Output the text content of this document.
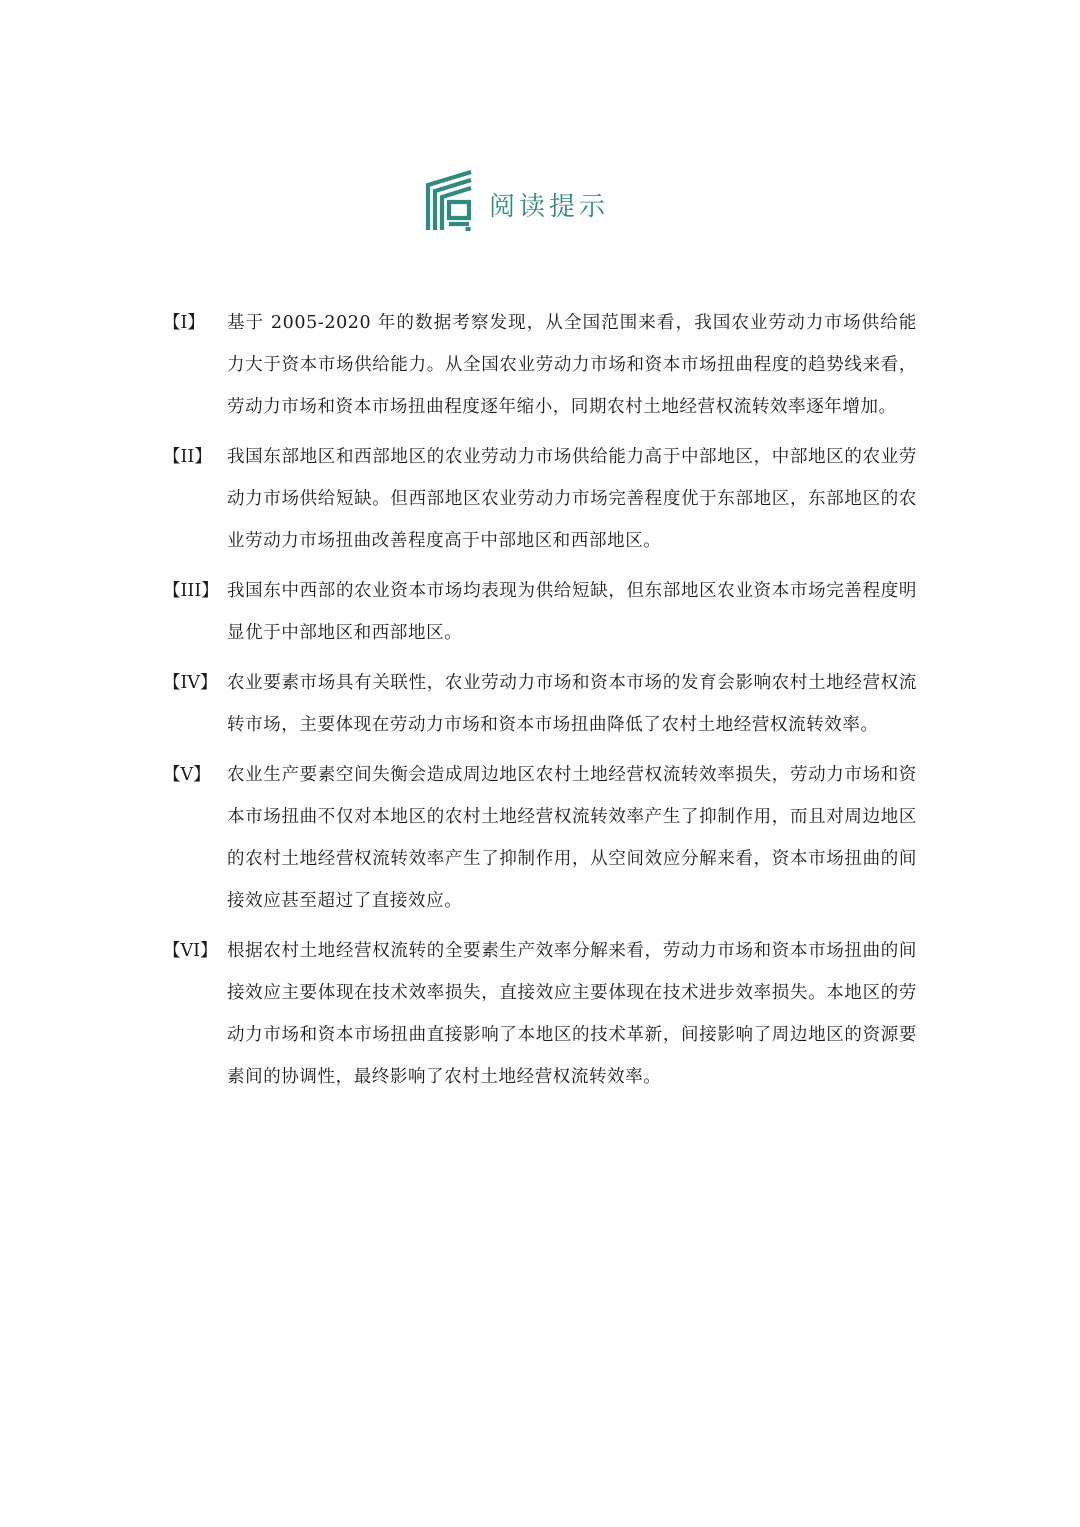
阅读提示
【I】	基于 2005-2020 年的数据考察发现，从全国范围来看，我国农业劳动力市场供给能力大于资本市场供给能力。从全国农业劳动力市场和资本市场扭曲程度的趋势线来看，劳动力市场和资本市场扭曲程度逐年缩小，同期农村土地经营权流转效率逐年增加。
【II】 我国东部地区和西部地区的农业劳动力市场供给能力高于中部地区，中部地区的农业劳动力市场供给短缺。但西部地区农业劳动力市场完善程度优于东部地区，东部地区的农业劳动力市场扭曲改善程度高于中部地区和西部地区。
【III】 我国东中西部的农业资本市场均表现为供给短缺，但东部地区农业资本市场完善程度明显优于中部地区和西部地区。
【IV】 农业要素市场具有关联性，农业劳动力市场和资本市场的发育会影响农村土地经营权流转市场，主要体现在劳动力市场和资本市场扭曲降低了农村土地经营权流转效率。
【V】 农业生产要素空间失衡会造成周边地区农村土地经营权流转效率损失，劳动力市场和资本市场扭曲不仅对本地区的农村土地经营权流转效率产生了抑制作用，而且对周边地区的农村土地经营权流转效率产生了抑制作用，从空间效应分解来看，资本市场扭曲的间接效应甚至超过了直接效应。
【VI】 根据农村土地经营权流转的全要素生产效率分解来看，劳动力市场和资本市场扭曲的间接效应主要体现在技术效率损失，直接效应主要体现在技术进步效率损失。本地区的劳动力市场和资本市场扭曲直接影响了本地区的技术革新，间接影响了周边地区的资源要素间的协调性，最终影响了农村土地经营权流转效率。
